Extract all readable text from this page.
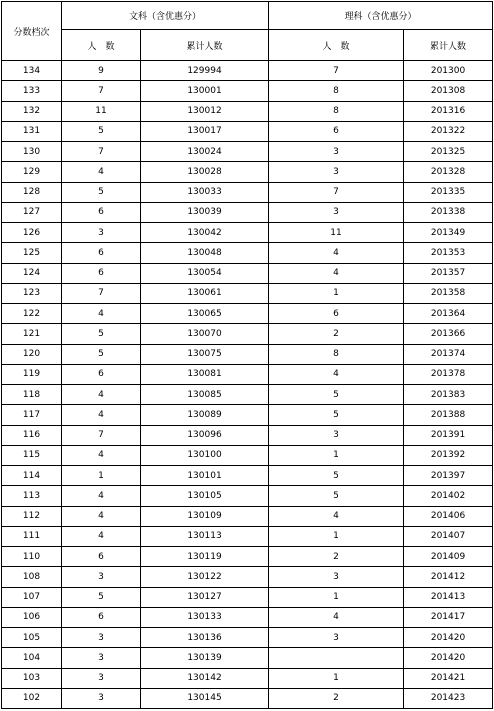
分数档次	文科（含优惠分）		理科（含优惠分）	
	人　数	累计人数	人　数	累计人数
134	9	129994	7	201300
133	7	130001	8	201308
132	11	130012	8	201316
131	5	130017	6	201322
130	7	130024	3	201325
129	4	130028	3	201328
128	5	130033	7	201335
127	6	130039	3	201338
126	3	130042	11	201349
125	6	130048	4	201353
124	6	130054	4	201357
123	7	130061	1	201358
122	4	130065	6	201364
121	5	130070	2	201366
120	5	130075	8	201374
119	6	130081	4	201378
118	4	130085	5	201383
117	4	130089	5	201388
116	7	130096	3	201391
115	4	130100	1	201392
114	1	130101	5	201397
113	4	130105	5	201402
112	4	130109	4	201406
111	4	130113	1	201407
110	6	130119	2	201409
108	3	130122	3	201412
107	5	130127	1	201413
106	6	130133	4	201417
105	3	130136	3	201420
104	3	130139		201420
103	3	130142	1	201421
102	3	130145	2	201423
